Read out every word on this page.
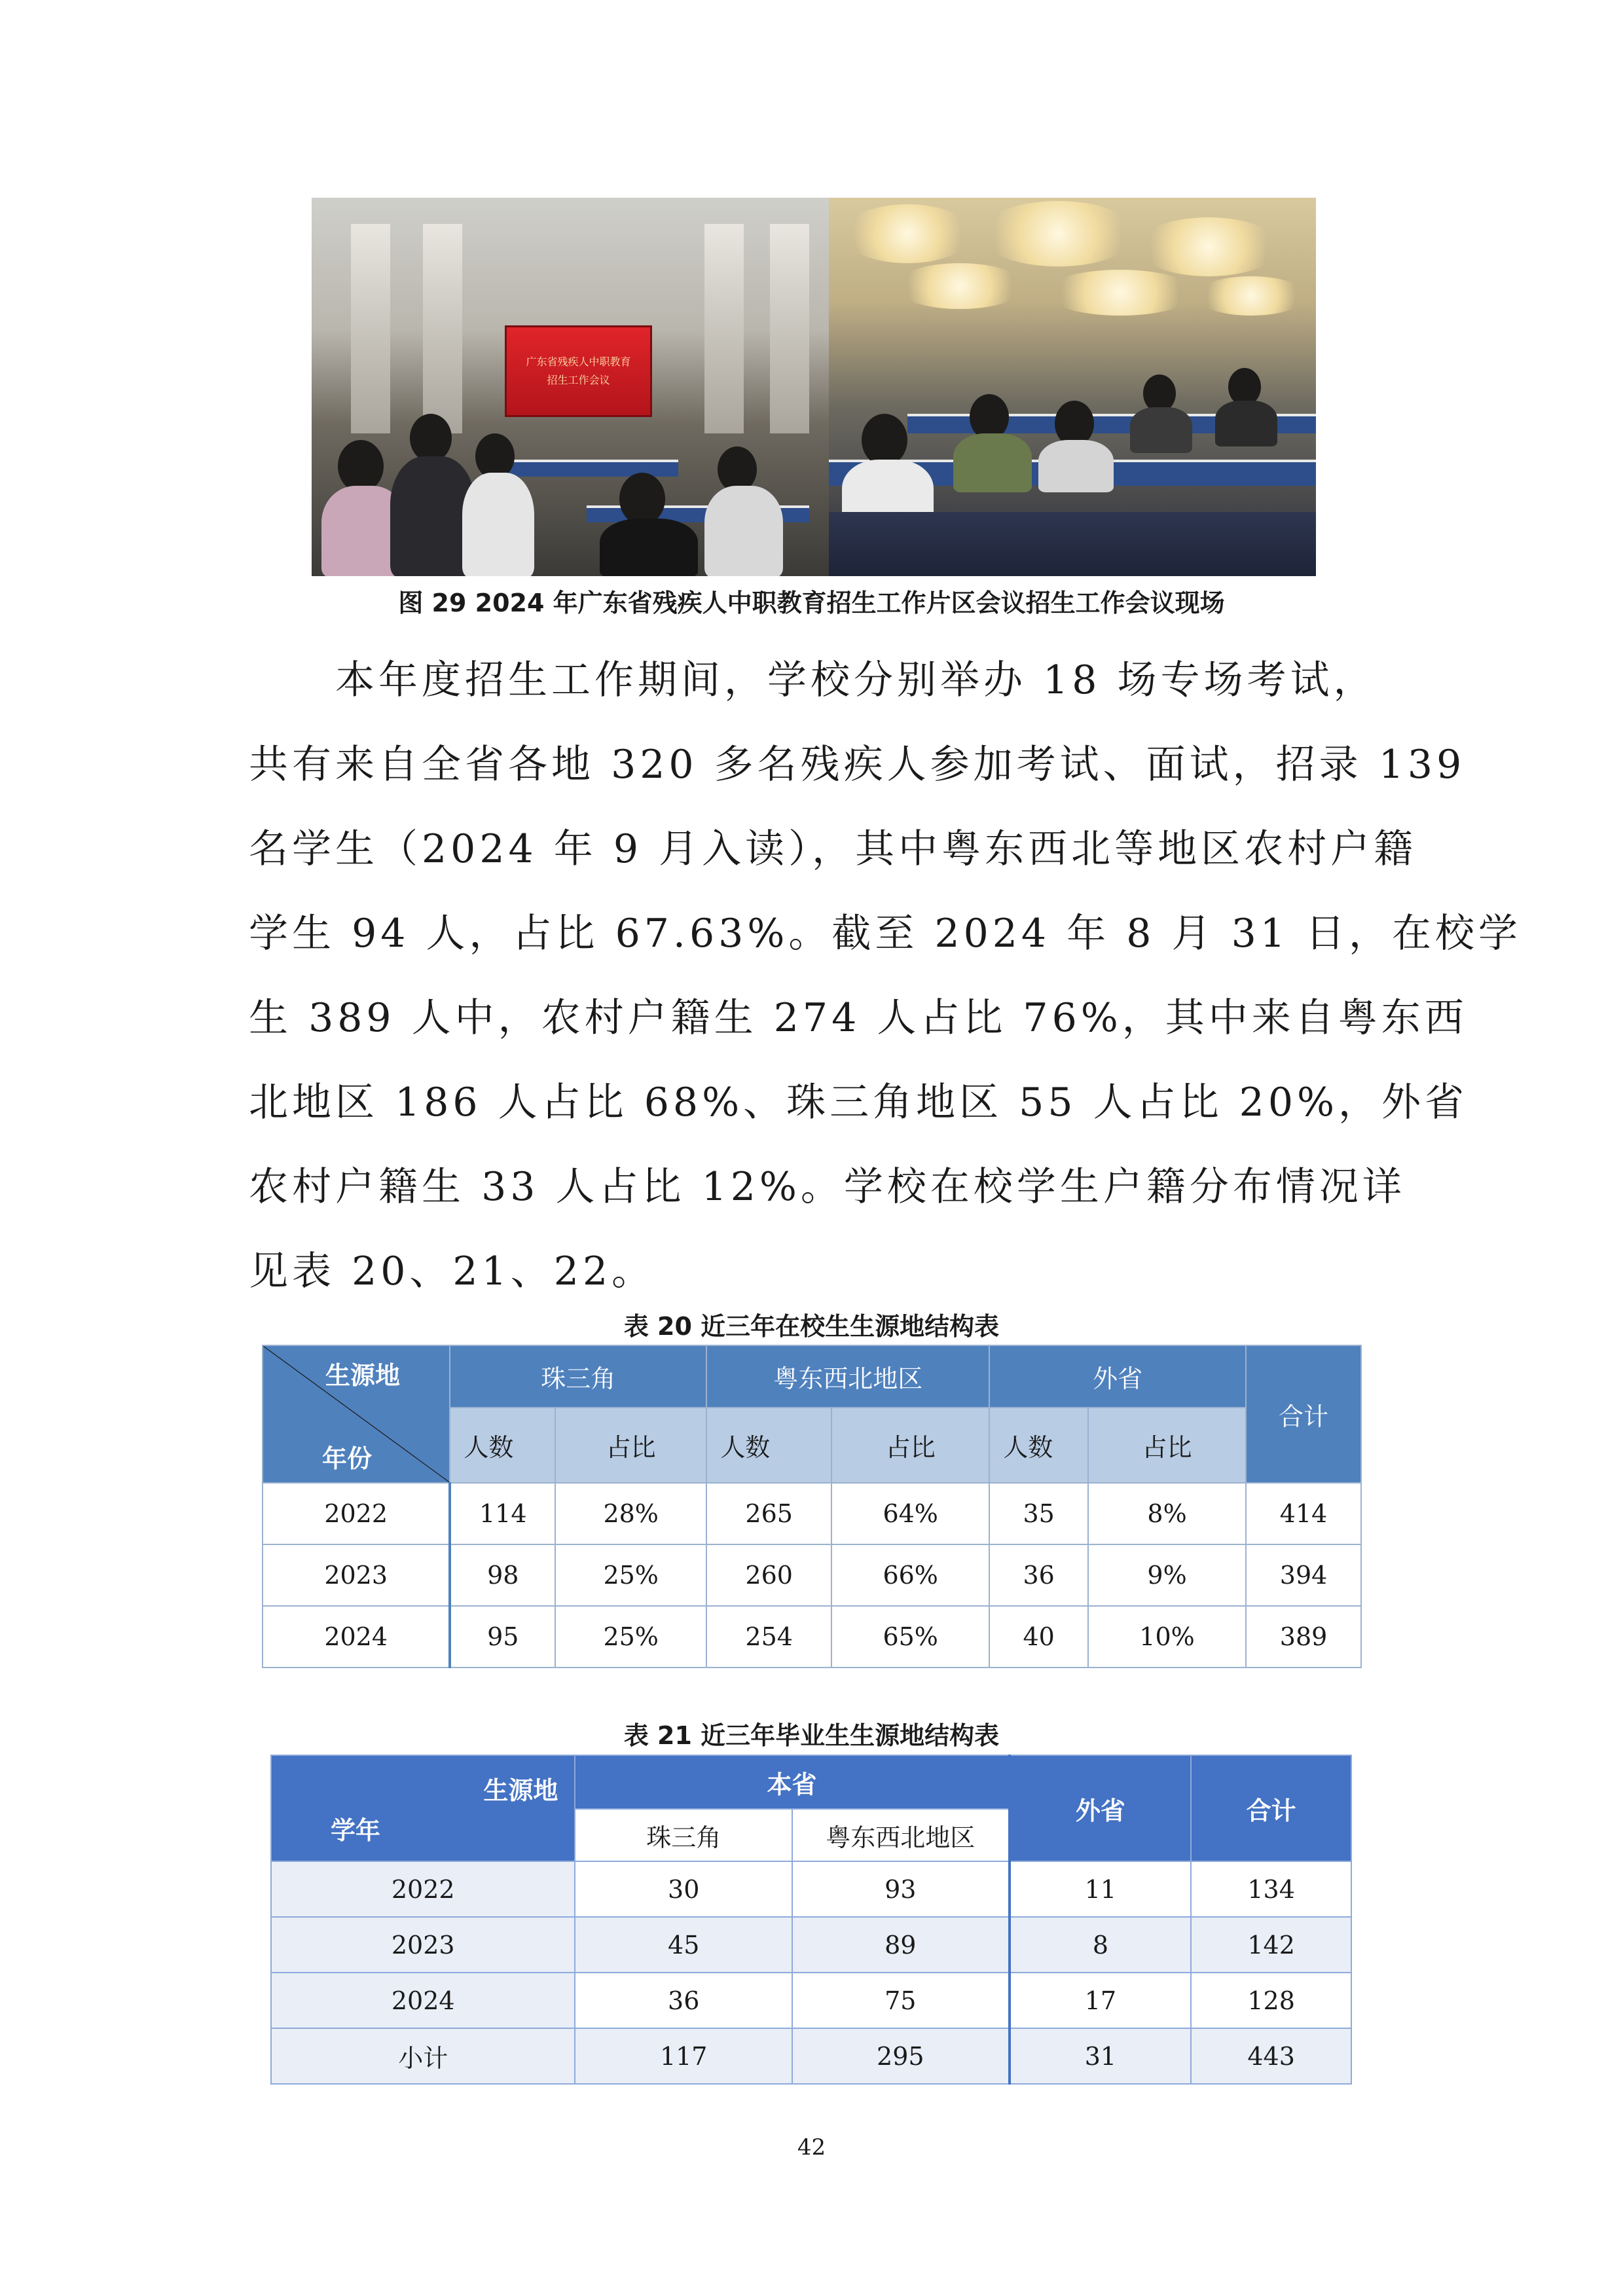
广东省残疾人中职教育
招生工作会议
图 29 2024 年广东省残疾人中职教育招生工作片区会议招生工作会议现场
　　本年度招生工作期间，学校分别举办 18 场专场考试，
共有来自全省各地 320 多名残疾人参加考试、面试，招录 139
名学生（2024 年 9 月入读），其中粤东西北等地区农村户籍
学生 94 人，占比 67.63%。截至 2024 年 8 月 31 日，在校学
生 389 人中，农村户籍生 274 人占比 76%，其中来自粤东西
北地区 186 人占比 68%、珠三角地区 55 人占比 20%，外省
农村户籍生 33 人占比 12%。学校在校学生户籍分布情况详
见表 20、21、22。
表 20 近三年在校生生源地结构表
生源地
年份	珠三角		粤东西北地区		外省		合计
	人数	占比	人数	占比	人数	占比	
2022	114	28%	265	64%	35	8%	414
2023	98	25%	260	66%	36	9%	394
2024	95	25%	254	65%	40	10%	389
表 21 近三年毕业生生源地结构表
生源地
学年	本省		外省	合计
	珠三角	粤东西北地区		
2022	30	93	11	134
2023	45	89	8	142
2024	36	75	17	128
小计	117	295	31	443
42
